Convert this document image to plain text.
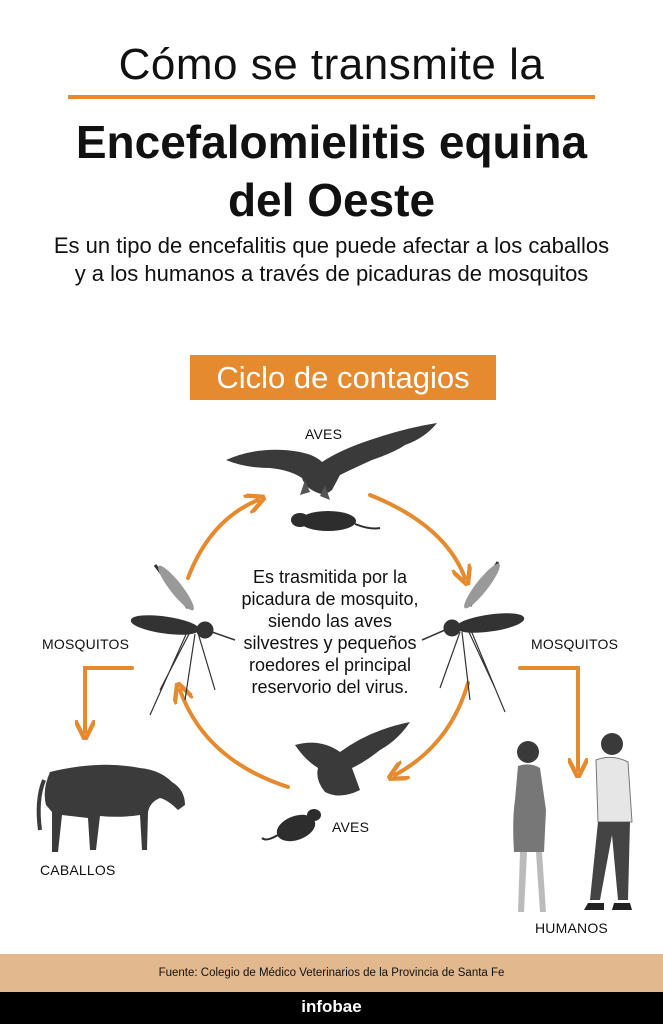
Cómo se transmite la
Encefalomielitis equina
del Oeste
Es un tipo de encefalitis que puede afectar a los caballos y a los humanos a través de picaduras de mosquitos
Ciclo de contagios
Es trasmitida por la picadura de mosquito, siendo las aves silvestres y pequeños roedores el principal reservorio del virus.
AVES
AVES
MOSQUITOS	MOSQUITOS
CABALLOS
HUMANOS
Fuente: Colegio de Médico Veterinarios de la Provincia de Santa Fe
infobae
